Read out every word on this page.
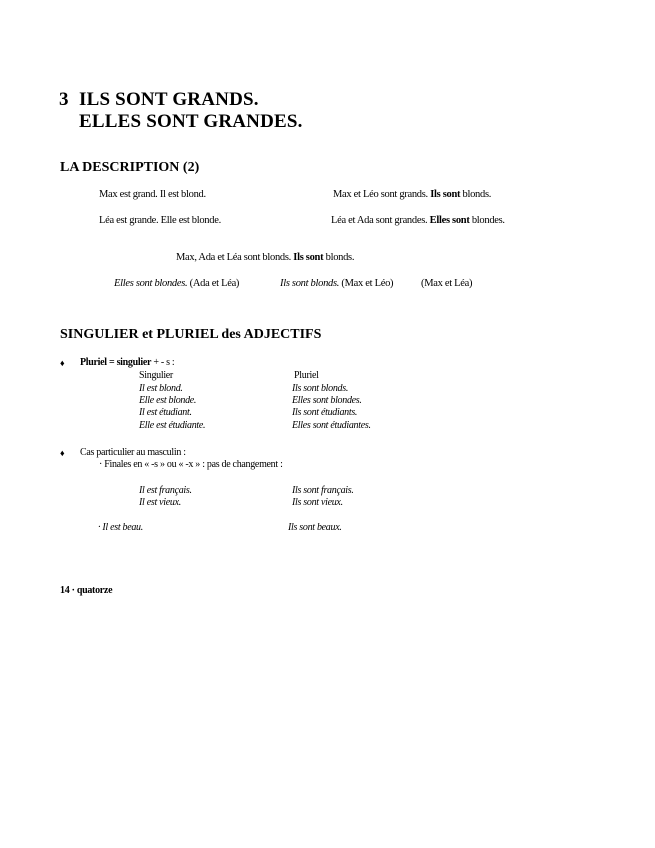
3 ILS SONT GRANDS.
ELLES SONT GRANDES.
LA DESCRIPTION (2)
Max est grand. Il est blond.	Max et Léo sont grands. Ils sont blonds.
Léa est grande. Elle est blonde.	Léa et Ada sont grandes. Elles sont blondes.
Max, Ada et Léa sont blonds. Ils sont blonds.
Elles sont blondes. (Ada et Léa)	Ils sont blonds. (Max et Léo)	(Max et Léa)
SINGULIER et PLURIEL des ADJECTIFS
♦ Pluriel = singulier + - s :
Singulier	Pluriel
Il est blond.	Ils sont blonds.
Elle est blonde.	Elles sont blondes.
Il est étudiant.	Ils sont étudiants.
Elle est étudiante.	Elles sont étudiantes.
♦ Cas particulier au masculin :
· Finales en « -s » ou « -x » : pas de changement :
Il est français.	Ils sont français.
Il est vieux.	Ils sont vieux.
· Il est beau.	Ils sont beaux.
14 · quatorze
